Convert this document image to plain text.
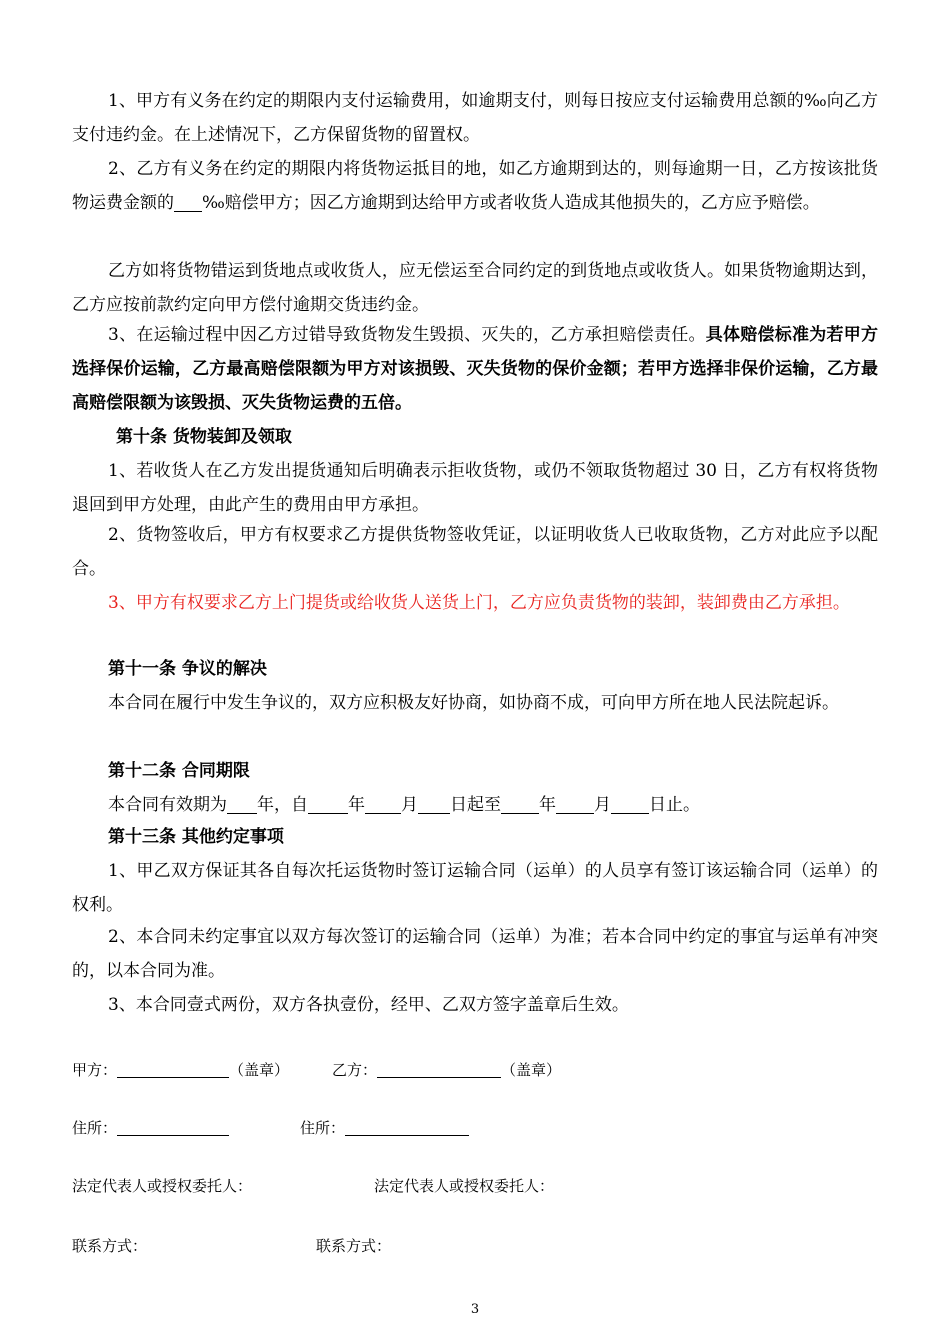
1、甲方有义务在约定的期限内支付运输费用，如逾期支付，则每日按应支付运输费用总额的‰向乙方支付违约金。在上述情况下，乙方保留货物的留置权。

2、乙方有义务在约定的期限内将货物运抵目的地，如乙方逾期到达的，则每逾期一日，乙方按该批货物运费金额的 ‰赔偿甲方；因乙方逾期到达给甲方或者收货人造成其他损失的，乙方应予赔偿。

乙方如将货物错运到货地点或收货人，应无偿运至合同约定的到货地点或收货人。如果货物逾期达到，乙方应按前款约定向甲方偿付逾期交货违约金。

3、在运输过程中因乙方过错导致货物发生毁损、灭失的，乙方承担赔偿责任。具体赔偿标准为若甲方选择保价运输，乙方最高赔偿限额为甲方对该损毁、灭失货物的保价金额；若甲方选择非保价运输，乙方最高赔偿限额为该毁损、灭失货物运费的五倍。

第十条 货物装卸及领取

1、若收货人在乙方发出提货通知后明确表示拒收货物，或仍不领取货物超过 30 日，乙方有权将货物退回到甲方处理，由此产生的费用由甲方承担。

2、货物签收后，甲方有权要求乙方提供货物签收凭证，以证明收货人已收取货物，乙方对此应予以配合。

3、甲方有权要求乙方上门提货或给收货人送货上门，乙方应负责货物的装卸，装卸费由乙方承担。

第十一条 争议的解决

本合同在履行中发生争议的，双方应积极友好协商，如协商不成，可向甲方所在地人民法院起诉。

第十二条 合同期限

本合同有效期为 年，自 年 月 日起至 年 月 日止。

第十三条 其他约定事项

1、甲乙双方保证其各自每次托运货物时签订运输合同（运单）的人员享有签订该运输合同（运单）的权利。

2、本合同未约定事宜以双方每次签订的运输合同（运单）为准；若本合同中约定的事宜与运单有冲突的，以本合同为准。

3、本合同壹式两份，双方各执壹份，经甲、乙双方签字盖章后生效。

甲方：	（盖章）	乙方：	（盖章）
住所：	住所：
法定代表人或授权委托人：	法定代表人或授权委托人：
联系方式：	联系方式：
3
